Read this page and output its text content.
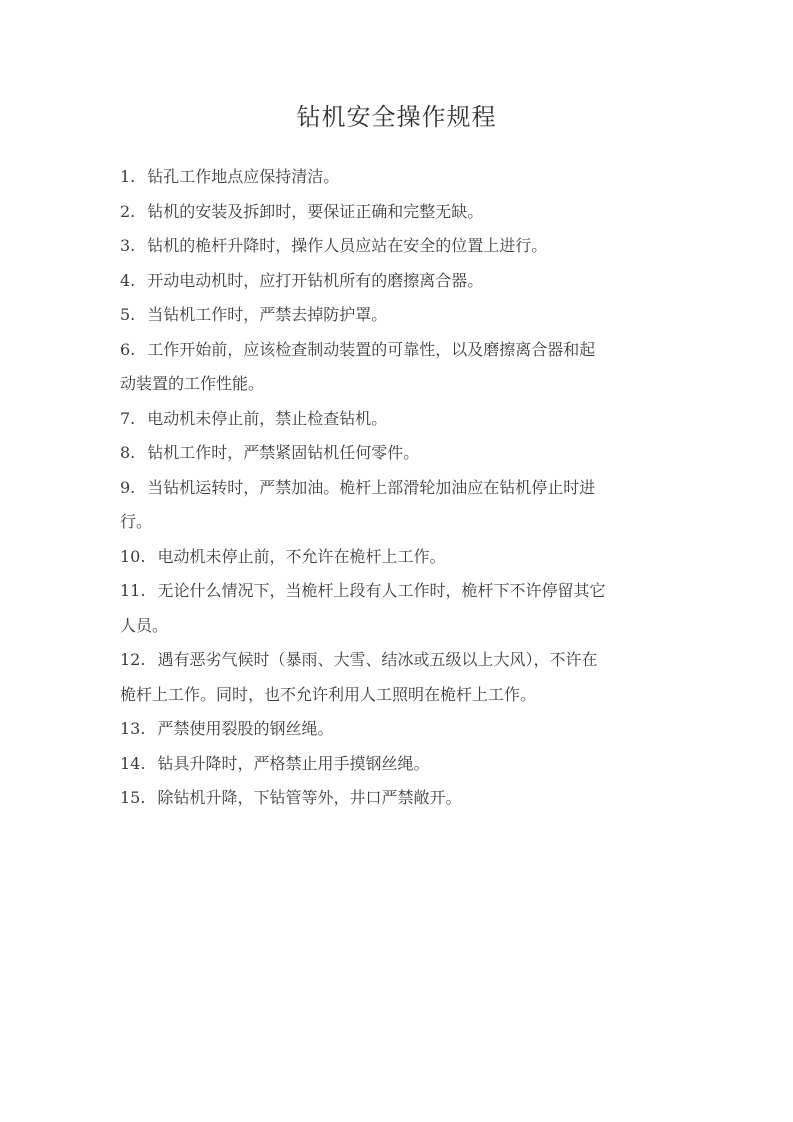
钻机安全操作规程
1. 钻孔工作地点应保持清洁。
2. 钻机的安装及拆卸时，要保证正确和完整无缺。
3. 钻机的桅杆升降时，操作人员应站在安全的位置上进行。
4. 开动电动机时，应打开钻机所有的磨擦离合器。
5. 当钻机工作时，严禁去掉防护罩。
6. 工作开始前，应该检查制动装置的可靠性，以及磨擦离合器和起
动装置的工作性能。
7. 电动机未停止前，禁止检查钻机。
8. 钻机工作时，严禁紧固钻机任何零件。
9. 当钻机运转时，严禁加油。桅杆上部滑轮加油应在钻机停止时进
行。
10. 电动机未停止前，不允许在桅杆上工作。
11. 无论什么情况下，当桅杆上段有人工作时，桅杆下不许停留其它
人员。
12. 遇有恶劣气候时（暴雨、大雪、结冰或五级以上大风），不许在
桅杆上工作。同时，也不允许利用人工照明在桅杆上工作。
13. 严禁使用裂股的钢丝绳。
14. 钻具升降时，严格禁止用手摸钢丝绳。
15. 除钻机升降，下钻管等外，井口严禁敞开。
